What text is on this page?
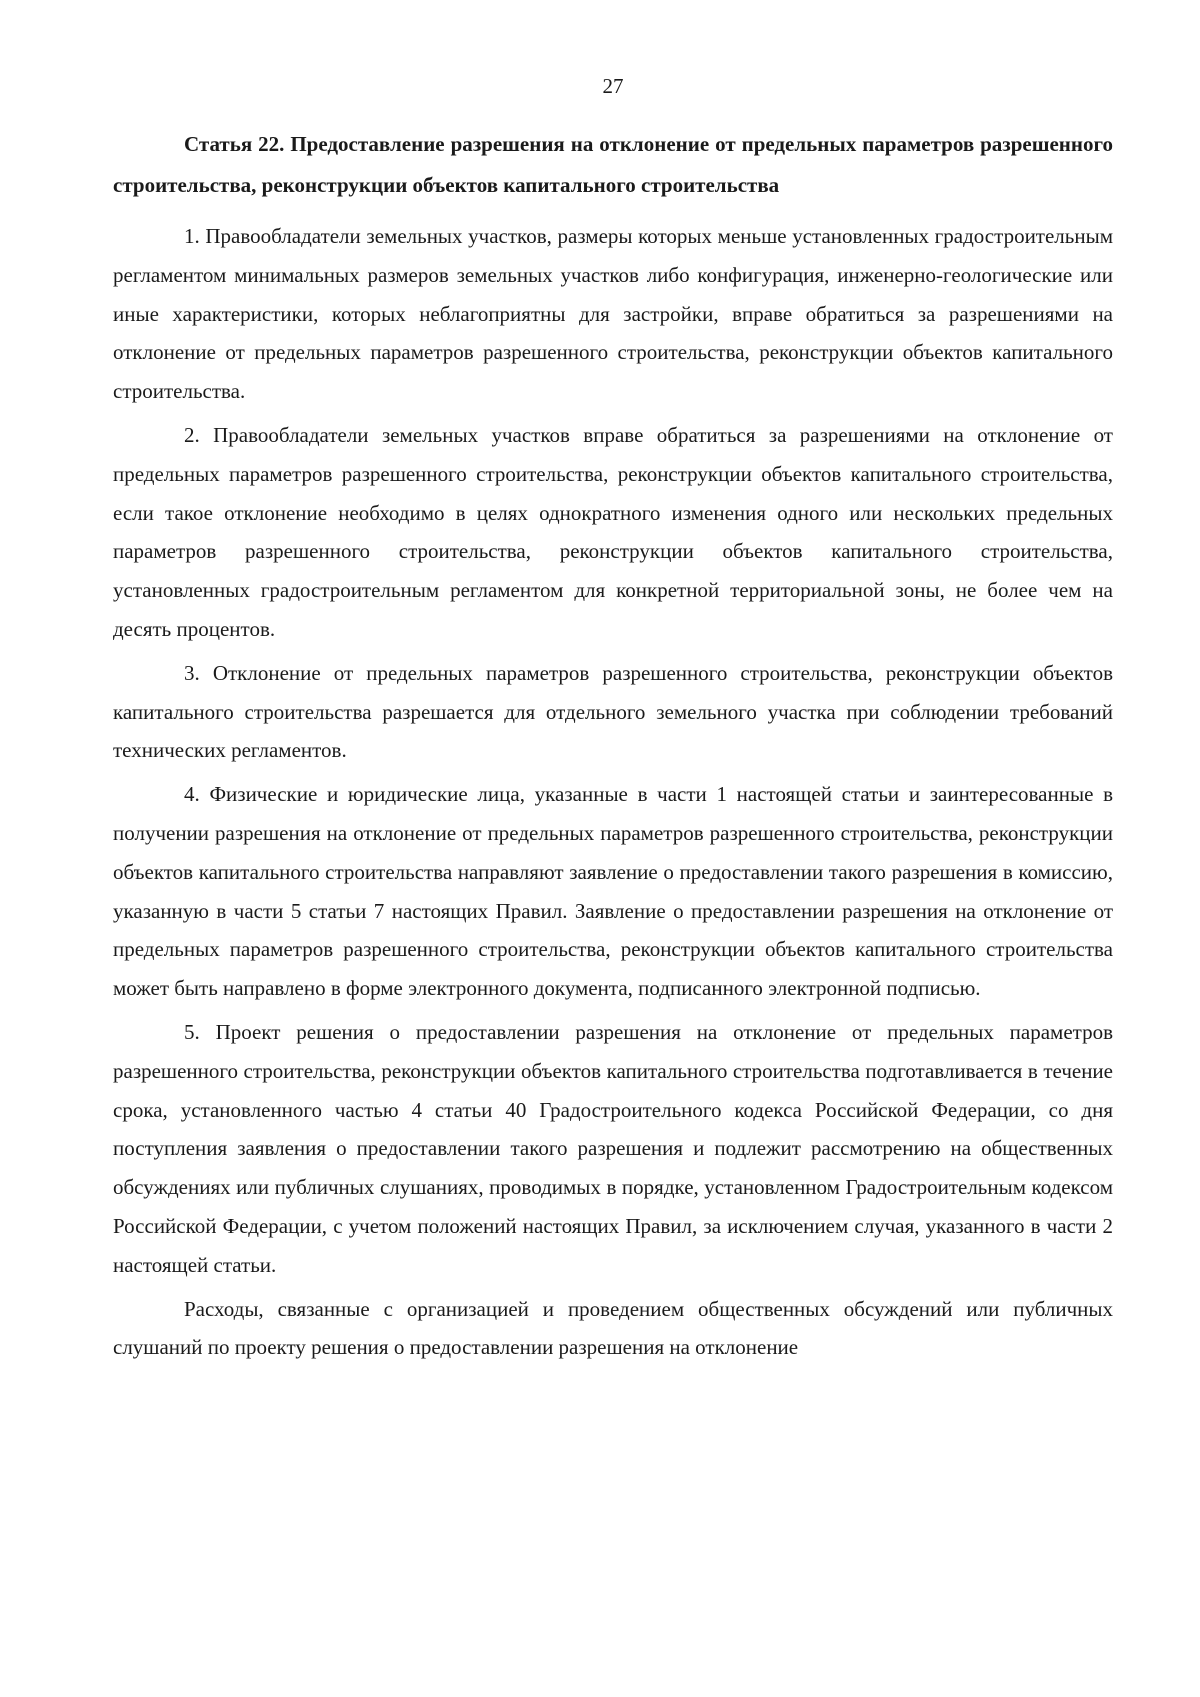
27
Статья 22. Предоставление разрешения на отклонение от предельных параметров разрешенного строительства, реконструкции объектов капитального строительства

1. Правообладатели земельных участков, размеры которых меньше установленных градостроительным регламентом минимальных размеров земельных участков либо конфигурация, инженерно-геологические или иные характеристики, которых неблагоприятны для застройки, вправе обратиться за разрешениями на отклонение от предельных параметров разрешенного строительства, реконструкции объектов капитального строительства.

2. Правообладатели земельных участков вправе обратиться за разрешениями на отклонение от предельных параметров разрешенного строительства, реконструкции объектов капитального строительства, если такое отклонение необходимо в целях однократного изменения одного или нескольких предельных параметров разрешенного строительства, реконструкции объектов капитального строительства, установленных градостроительным регламентом для конкретной территориальной зоны, не более чем на десять процентов.

3. Отклонение от предельных параметров разрешенного строительства, реконструкции объектов капитального строительства разрешается для отдельного земельного участка при соблюдении требований технических регламентов.

4. Физические и юридические лица, указанные в части 1 настоящей статьи и заинтересованные в получении разрешения на отклонение от предельных параметров разрешенного строительства, реконструкции объектов капитального строительства направляют заявление о предоставлении такого разрешения в комиссию, указанную в части 5 статьи 7 настоящих Правил. Заявление о предоставлении разрешения на отклонение от предельных параметров разрешенного строительства, реконструкции объектов капитального строительства может быть направлено в форме электронного документа, подписанного электронной подписью.

5. Проект решения о предоставлении разрешения на отклонение от предельных параметров разрешенного строительства, реконструкции объектов капитального строительства подготавливается в течение срока, установленного частью 4 статьи 40 Градостроительного кодекса Российской Федерации, со дня поступления заявления о предоставлении такого разрешения и подлежит рассмотрению на общественных обсуждениях или публичных слушаниях, проводимых в порядке, установленном Градостроительным кодексом Российской Федерации, с учетом положений настоящих Правил, за исключением случая, указанного в части 2 настоящей статьи.

Расходы, связанные с организацией и проведением общественных обсуждений или публичных слушаний по проекту решения о предоставлении разрешения на отклонение
